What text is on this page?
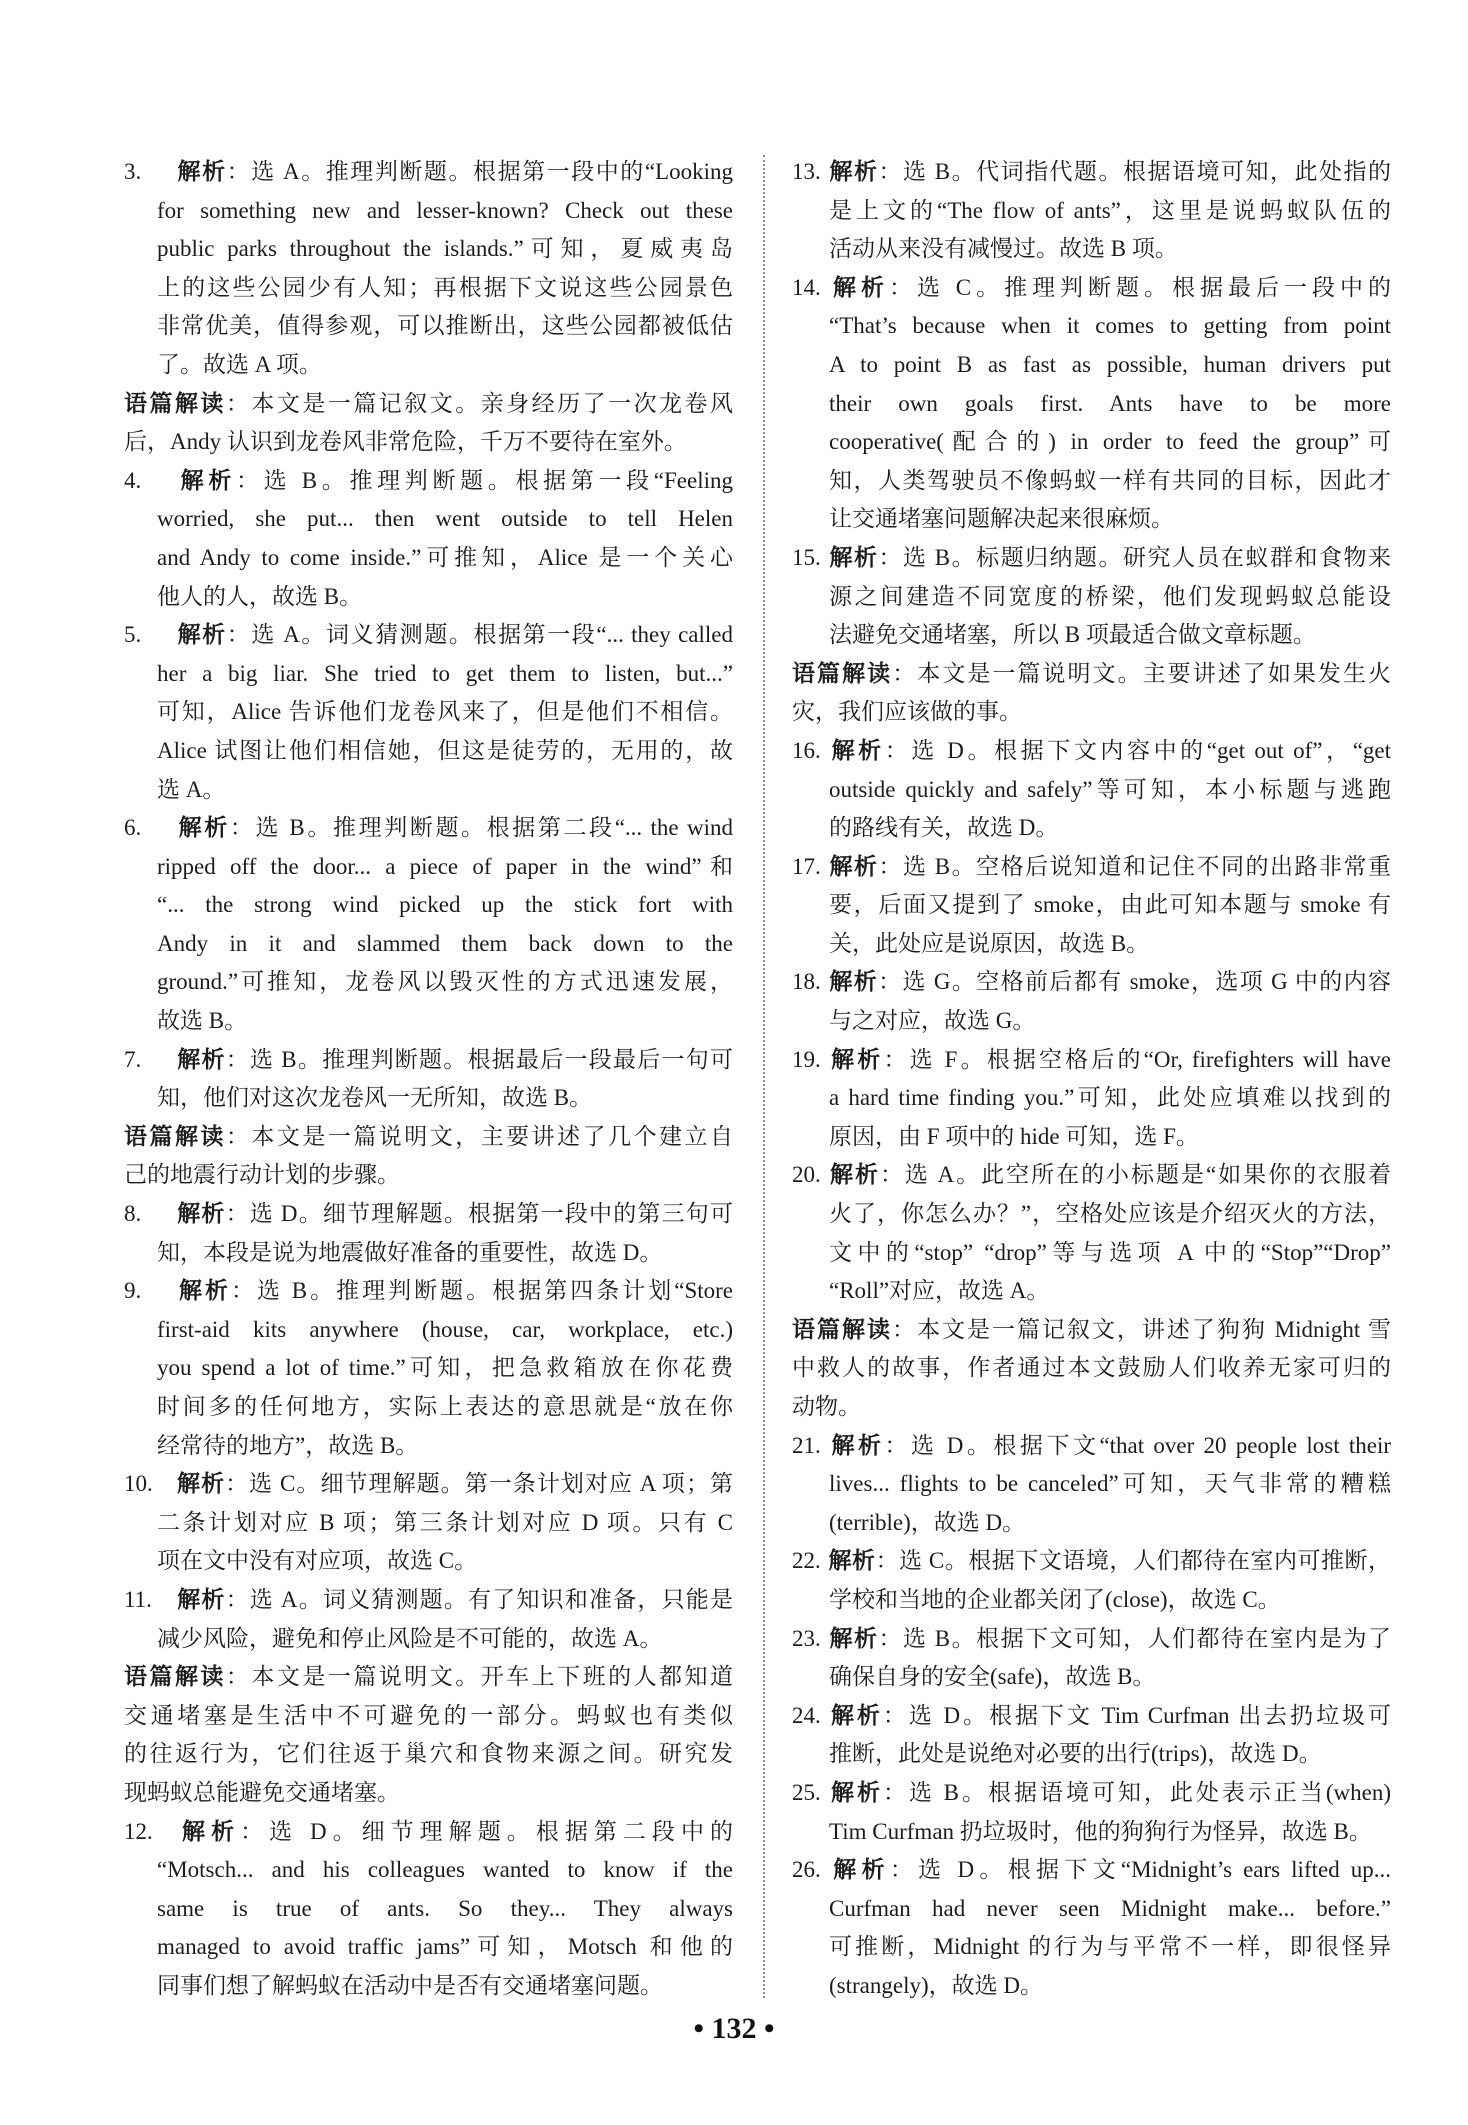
3. 解析：选 A。推理判断题。根据第一段中的“Looking
for something new and lesser-known? Check out these
public parks throughout the islands.”可知，夏威夷岛
上的这些公园少有人知；再根据下文说这些公园景色
非常优美，值得参观，可以推断出，这些公园都被低估
了。故选 A 项。
语篇解读：本文是一篇记叙文。亲身经历了一次龙卷风
后，Andy 认识到龙卷风非常危险，千万不要待在室外。
4. 解析：选 B。推理判断题。根据第一段“Feeling
worried, she put... then went outside to tell Helen
and Andy to come inside.”可推知，Alice 是一个关心
他人的人，故选 B。
5. 解析：选 A。词义猜测题。根据第一段“... they called
her a big liar. She tried to get them to listen, but...”
可知，Alice 告诉他们龙卷风来了，但是他们不相信。
Alice 试图让他们相信她，但这是徒劳的，无用的，故
选 A。
6. 解析：选 B。推理判断题。根据第二段“... the wind
ripped off the door... a piece of paper in the wind”和
“... the strong wind picked up the stick fort with
Andy in it and slammed them back down to the
ground.”可推知，龙卷风以毁灭性的方式迅速发展，
故选 B。
7. 解析：选 B。推理判断题。根据最后一段最后一句可
知，他们对这次龙卷风一无所知，故选 B。
语篇解读：本文是一篇说明文，主要讲述了几个建立自
己的地震行动计划的步骤。
8. 解析：选 D。细节理解题。根据第一段中的第三句可
知，本段是说为地震做好准备的重要性，故选 D。
9. 解析：选 B。推理判断题。根据第四条计划“Store
first-aid kits anywhere (house, car, workplace, etc.)
you spend a lot of time.”可知，把急救箱放在你花费
时间多的任何地方，实际上表达的意思就是“放在你
经常待的地方”，故选 B。
10. 解析：选 C。细节理解题。第一条计划对应 A 项；第
二条计划对应 B 项；第三条计划对应 D 项。只有 C
项在文中没有对应项，故选 C。
11. 解析：选 A。词义猜测题。有了知识和准备，只能是
减少风险，避免和停止风险是不可能的，故选 A。
语篇解读：本文是一篇说明文。开车上下班的人都知道
交通堵塞是生活中不可避免的一部分。蚂蚁也有类似
的往返行为，它们往返于巢穴和食物来源之间。研究发
现蚂蚁总能避免交通堵塞。
12. 解析：选 D。细节理解题。根据第二段中的
“Motsch... and his colleagues wanted to know if the
same is true of ants. So they... They always
managed to avoid traffic jams”可知，Motsch 和他的
同事们想了解蚂蚁在活动中是否有交通堵塞问题。
13. 解析：选 B。代词指代题。根据语境可知，此处指的
是上文的“The flow of ants”，这里是说蚂蚁队伍的
活动从来没有减慢过。故选 B 项。
14. 解析：选 C。推理判断题。根据最后一段中的
“That’s because when it comes to getting from point
A to point B as fast as possible, human drivers put
their own goals first. Ants have to be more
cooperative(配合的) in order to feed the group”可
知，人类驾驶员不像蚂蚁一样有共同的目标，因此才
让交通堵塞问题解决起来很麻烦。
15. 解析：选 B。标题归纳题。研究人员在蚁群和食物来
源之间建造不同宽度的桥梁，他们发现蚂蚁总能设
法避免交通堵塞，所以 B 项最适合做文章标题。
语篇解读：本文是一篇说明文。主要讲述了如果发生火
灾，我们应该做的事。
16. 解析：选 D。根据下文内容中的“get out of”，“get
outside quickly and safely”等可知，本小标题与逃跑
的路线有关，故选 D。
17. 解析：选 B。空格后说知道和记住不同的出路非常重
要，后面又提到了 smoke，由此可知本题与 smoke 有
关，此处应是说原因，故选 B。
18. 解析：选 G。空格前后都有 smoke，选项 G 中的内容
与之对应，故选 G。
19. 解析：选 F。根据空格后的“Or, firefighters will have
a hard time finding you.”可知，此处应填难以找到的
原因，由 F 项中的 hide 可知，选 F。
20. 解析：选 A。此空所在的小标题是“如果你的衣服着
火了，你怎么办？”，空格处应该是介绍灭火的方法，
文中的“stop” “drop”等与选项 A 中的“Stop”“Drop”
“Roll”对应，故选 A。
语篇解读：本文是一篇记叙文，讲述了狗狗 Midnight 雪
中救人的故事，作者通过本文鼓励人们收养无家可归的
动物。
21. 解析：选 D。根据下文“that over 20 people lost their
lives... flights to be canceled”可知，天气非常的糟糕
(terrible)，故选 D。
22. 解析：选 C。根据下文语境，人们都待在室内可推断，
学校和当地的企业都关闭了(close)，故选 C。
23. 解析：选 B。根据下文可知，人们都待在室内是为了
确保自身的安全(safe)，故选 B。
24. 解析：选 D。根据下文 Tim Curfman 出去扔垃圾可
推断，此处是说绝对必要的出行(trips)，故选 D。
25. 解析：选 B。根据语境可知，此处表示正当(when)
Tim Curfman 扔垃圾时，他的狗狗行为怪异，故选 B。
26. 解析：选 D。根据下文“Midnight’s ears lifted up...
Curfman had never seen Midnight make... before.”
可推断，Midnight 的行为与平常不一样，即很怪异
(strangely)，故选 D。
• 132 •
